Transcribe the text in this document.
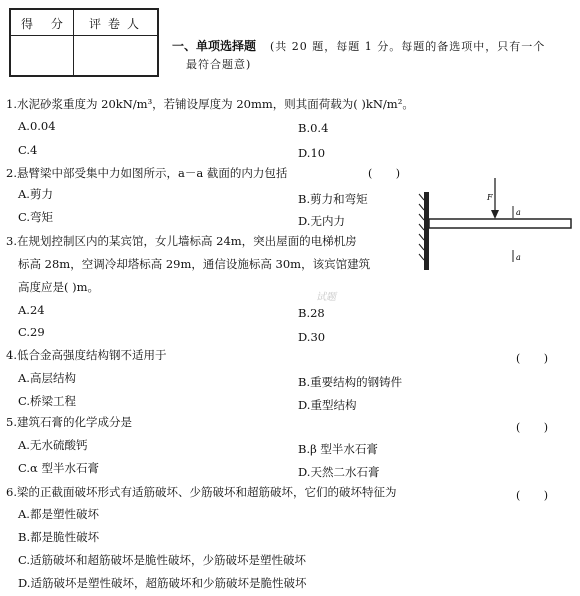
得 分 评卷人
一、单项选择题 (共 20 题，每题 1 分。每题的备选项中，只有一个
最符合题意)
1.水泥砂浆重度为 20kN/m³，若铺设厚度为 20mm，则其面荷载为( )kN/m²。
A.0.04	B.0.4
C.4	D.10
2.悬臂梁中部受集中力如图所示，a－a 截面的内力包括	( )
A.剪力	B.剪力和弯矩
C.弯矩	D.无内力
F
a
a
3.在规划控制区内的某宾馆，女儿墙标高 24m，突出屋面的电梯机房
标高 28m，空调冷却塔标高 29m，通信设施标高 30m，该宾馆建筑
高度应是( )m。
试题
A.24	B.28
C.29	D.30
4.低合金高强度结构钢不适用于	( )
A.高层结构	B.重要结构的钢铸件
C.桥梁工程	D.重型结构
5.建筑石膏的化学成分是	( )
A.无水硫酸钙	B.β 型半水石膏
C.α 型半水石膏	D.天然二水石膏
6.梁的正截面破坏形式有适筋破坏、少筋破坏和超筋破坏，它们的破坏特征为	( )
A.都是塑性破坏
B.都是脆性破坏
C.适筋破坏和超筋破坏是脆性破坏，少筋破坏是塑性破坏
D.适筋破坏是塑性破坏，超筋破坏和少筋破坏是脆性破坏
